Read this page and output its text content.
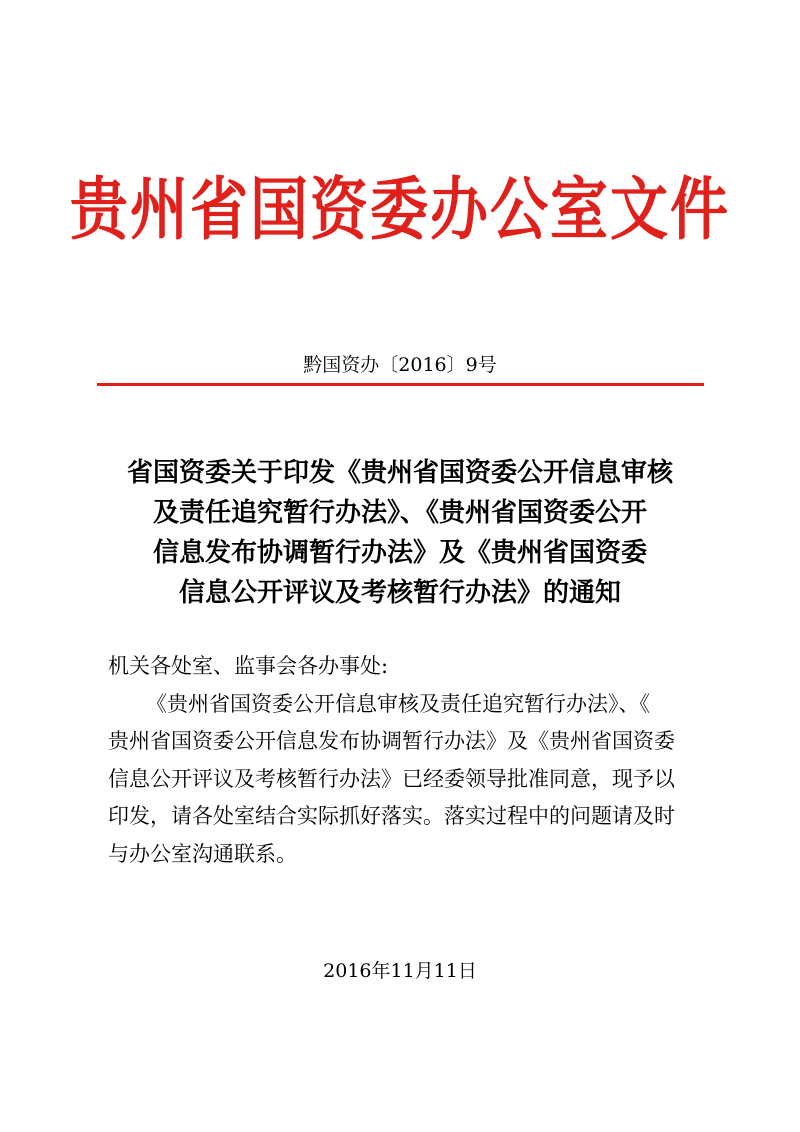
贵州省国资委办公室文件
黔国资办〔2016〕9号
省国资委关于印发《贵州省国资委公开信息审核
及责任追究暂行办法》、《贵州省国资委公开
信息发布协调暂行办法》及《贵州省国资委
信息公开评议及考核暂行办法》的通知
机关各处室、监事会各办事处:
《贵州省国资委公开信息审核及责任追究暂行办法》、《
贵州省国资委公开信息发布协调暂行办法》及《贵州省国资委
信息公开评议及考核暂行办法》已经委领导批准同意，现予以
印发，请各处室结合实际抓好落实。落实过程中的问题请及时
与办公室沟通联系。
2016年11月11日
